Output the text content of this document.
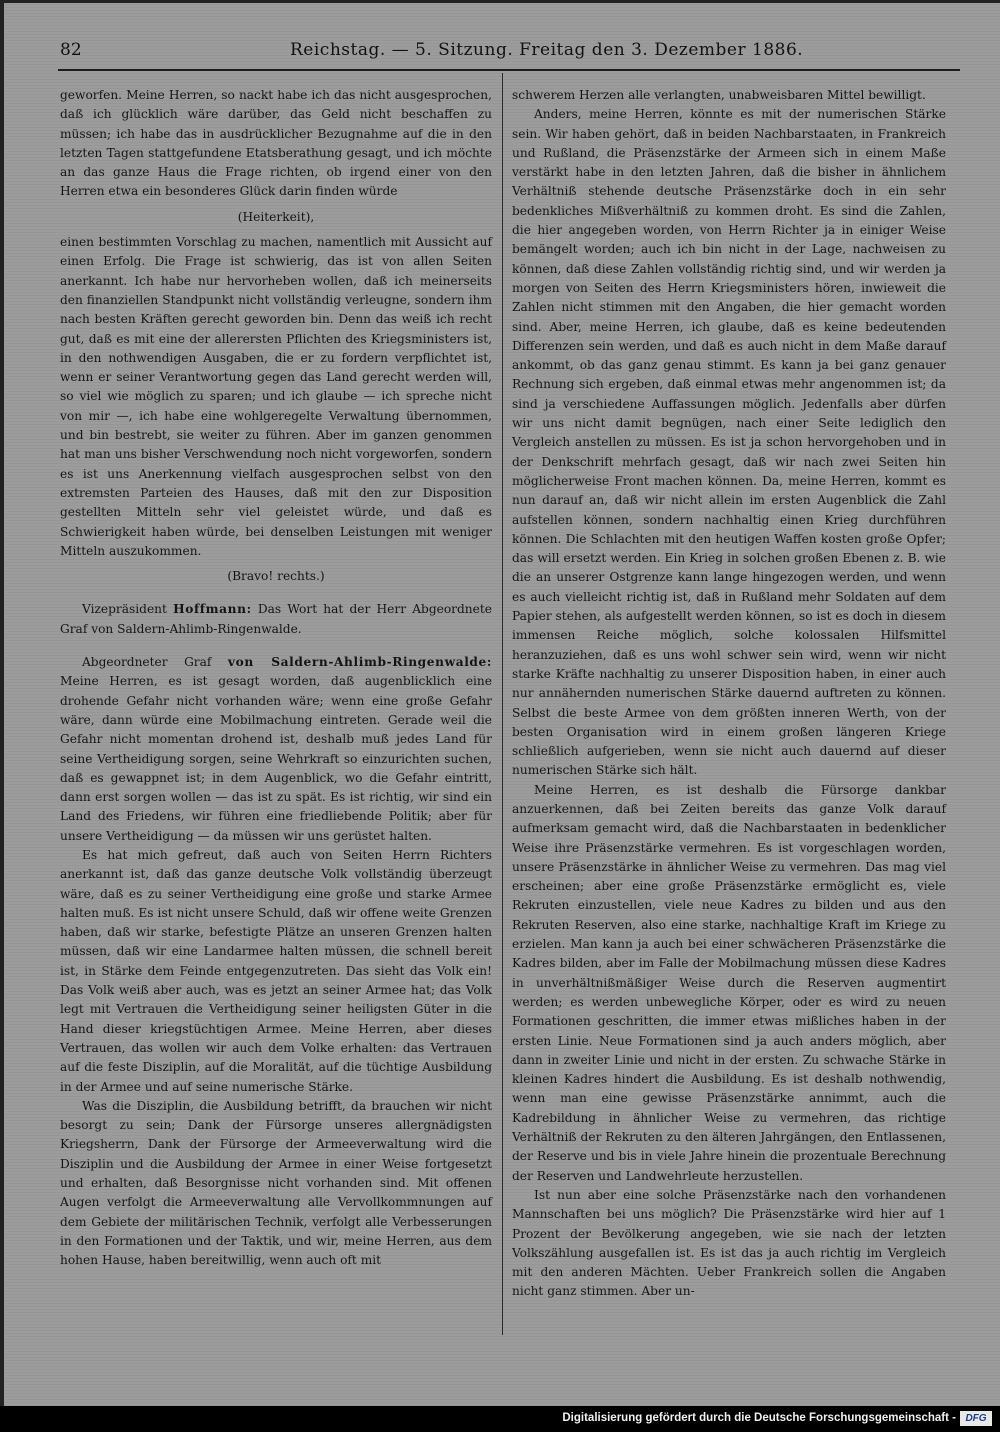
82	Reichstag. — 5. Sitzung. Freitag den 3. Dezember 1886.

geworfen. Meine Herren, so nackt habe ich das nicht ausgesprochen, daß ich glücklich wäre darüber, das Geld nicht beschaffen zu müssen; ich habe das in ausdrücklicher Bezugnahme auf die in den letzten Tagen stattgefundene Etatsberathung gesagt, und ich möchte an das ganze Haus die Frage richten, ob irgend einer von den Herren etwa ein besonderes Glück darin finden würde

(Heiterkeit),

einen bestimmten Vorschlag zu machen, namentlich mit Aussicht auf einen Erfolg. Die Frage ist schwierig, das ist von allen Seiten anerkannt. Ich habe nur hervorheben wollen, daß ich meinerseits den finanziellen Standpunkt nicht vollständig verleugne, sondern ihm nach besten Kräften gerecht geworden bin. Denn das weiß ich recht gut, daß es mit eine der allerersten Pflichten des Kriegsministers ist, in den nothwendigen Ausgaben, die er zu fordern verpflichtet ist, wenn er seiner Verantwortung gegen das Land gerecht werden will, so viel wie möglich zu sparen; und ich glaube — ich spreche nicht von mir —, ich habe eine wohlgeregelte Verwaltung übernommen, und bin bestrebt, sie weiter zu führen. Aber im ganzen genommen hat man uns bisher Verschwendung noch nicht vorgeworfen, sondern es ist uns Anerkennung vielfach ausgesprochen selbst von den extremsten Parteien des Hauses, daß mit den zur Disposition gestellten Mitteln sehr viel geleistet würde, und daß es Schwierigkeit haben würde, bei denselben Leistungen mit weniger Mitteln auszukommen.

(Bravo! rechts.)

Vizepräsident Hoffmann: Das Wort hat der Herr Abgeordnete Graf von Saldern-Ahlimb-Ringenwalde.

Abgeordneter Graf von Saldern-Ahlimb-Ringenwalde: Meine Herren, es ist gesagt worden, daß augenblicklich eine drohende Gefahr nicht vorhanden wäre; wenn eine große Gefahr wäre, dann würde eine Mobilmachung eintreten. Gerade weil die Gefahr nicht momentan drohend ist, deshalb muß jedes Land für seine Vertheidigung sorgen, seine Wehrkraft so einzurichten suchen, daß es gewappnet ist; in dem Augenblick, wo die Gefahr eintritt, dann erst sorgen wollen — das ist zu spät. Es ist richtig, wir sind ein Land des Friedens, wir führen eine friedliebende Politik; aber für unsere Vertheidigung — da müssen wir uns gerüstet halten.

Es hat mich gefreut, daß auch von Seiten Herrn Richters anerkannt ist, daß das ganze deutsche Volk vollständig überzeugt wäre, daß es zu seiner Vertheidigung eine große und starke Armee halten muß. Es ist nicht unsere Schuld, daß wir offene weite Grenzen haben, daß wir starke, befestigte Plätze an unseren Grenzen halten müssen, daß wir eine Landarmee halten müssen, die schnell bereit ist, in Stärke dem Feinde entgegenzutreten. Das sieht das Volk ein! Das Volk weiß aber auch, was es jetzt an seiner Armee hat; das Volk legt mit Vertrauen die Vertheidigung seiner heiligsten Güter in die Hand dieser kriegstüchtigen Armee. Meine Herren, aber dieses Vertrauen, das wollen wir auch dem Volke erhalten: das Vertrauen auf die feste Disziplin, auf die Moralität, auf die tüchtige Ausbildung in der Armee und auf seine numerische Stärke.

Was die Disziplin, die Ausbildung betrifft, da brauchen wir nicht besorgt zu sein; Dank der Fürsorge unseres allergnädigsten Kriegsherrn, Dank der Fürsorge der Armeeverwaltung wird die Disziplin und die Ausbildung der Armee in einer Weise fortgesetzt und erhalten, daß Besorgnisse nicht vorhanden sind. Mit offenen Augen verfolgt die Armeeverwaltung alle Vervollkommnungen auf dem Gebiete der militärischen Technik, verfolgt alle Verbesserungen in den Formationen und der Taktik, und wir, meine Herren, aus dem hohen Hause, haben bereitwillig, wenn auch oft mit

schwerem Herzen alle verlangten, unabweisbaren Mittel bewilligt.

Anders, meine Herren, könnte es mit der numerischen Stärke sein. Wir haben gehört, daß in beiden Nachbarstaaten, in Frankreich und Rußland, die Präsenzstärke der Armeen sich in einem Maße verstärkt habe in den letzten Jahren, daß die bisher in ähnlichem Verhältniß stehende deutsche Präsenzstärke doch in ein sehr bedenkliches Mißverhältniß zu kommen droht. Es sind die Zahlen, die hier angegeben worden, von Herrn Richter ja in einiger Weise bemängelt worden; auch ich bin nicht in der Lage, nachweisen zu können, daß diese Zahlen vollständig richtig sind, und wir werden ja morgen von Seiten des Herrn Kriegsministers hören, inwieweit die Zahlen nicht stimmen mit den Angaben, die hier gemacht worden sind. Aber, meine Herren, ich glaube, daß es keine bedeutenden Differenzen sein werden, und daß es auch nicht in dem Maße darauf ankommt, ob das ganz genau stimmt. Es kann ja bei ganz genauer Rechnung sich ergeben, daß einmal etwas mehr angenommen ist; da sind ja verschiedene Auffassungen möglich. Jedenfalls aber dürfen wir uns nicht damit begnügen, nach einer Seite lediglich den Vergleich anstellen zu müssen. Es ist ja schon hervorgehoben und in der Denkschrift mehrfach gesagt, daß wir nach zwei Seiten hin möglicherweise Front machen können. Da, meine Herren, kommt es nun darauf an, daß wir nicht allein im ersten Augenblick die Zahl aufstellen können, sondern nachhaltig einen Krieg durchführen können. Die Schlachten mit den heutigen Waffen kosten große Opfer; das will ersetzt werden. Ein Krieg in solchen großen Ebenen z. B. wie die an unserer Ostgrenze kann lange hingezogen werden, und wenn es auch vielleicht richtig ist, daß in Rußland mehr Soldaten auf dem Papier stehen, als aufgestellt werden können, so ist es doch in diesem immensen Reiche möglich, solche kolossalen Hilfsmittel heranzuziehen, daß es uns wohl schwer sein wird, wenn wir nicht starke Kräfte nachhaltig zu unserer Disposition haben, in einer auch nur annähernden numerischen Stärke dauernd auftreten zu können. Selbst die beste Armee von dem größten inneren Werth, von der besten Organisation wird in einem großen längeren Kriege schließlich aufgerieben, wenn sie nicht auch dauernd auf dieser numerischen Stärke sich hält.

Meine Herren, es ist deshalb die Fürsorge dankbar anzuerkennen, daß bei Zeiten bereits das ganze Volk darauf aufmerksam gemacht wird, daß die Nachbarstaaten in bedenklicher Weise ihre Präsenzstärke vermehren. Es ist vorgeschlagen worden, unsere Präsenzstärke in ähnlicher Weise zu vermehren. Das mag viel erscheinen; aber eine große Präsenzstärke ermöglicht es, viele Rekruten einzustellen, viele neue Kadres zu bilden und aus den Rekruten Reserven, also eine starke, nachhaltige Kraft im Kriege zu erzielen. Man kann ja auch bei einer schwächeren Präsenzstärke die Kadres bilden, aber im Falle der Mobilmachung müssen diese Kadres in unverhältnißmäßiger Weise durch die Reserven augmentirt werden; es werden unbewegliche Körper, oder es wird zu neuen Formationen geschritten, die immer etwas mißliches haben in der ersten Linie. Neue Formationen sind ja auch anders möglich, aber dann in zweiter Linie und nicht in der ersten. Zu schwache Stärke in kleinen Kadres hindert die Ausbildung. Es ist deshalb nothwendig, wenn man eine gewisse Präsenzstärke annimmt, auch die Kadrebildung in ähnlicher Weise zu vermehren, das richtige Verhältniß der Rekruten zu den älteren Jahrgängen, den Entlassenen, der Reserve und bis in viele Jahre hinein die prozentuale Berechnung der Reserven und Landwehrleute herzustellen.

Ist nun aber eine solche Präsenzstärke nach den vorhandenen Mannschaften bei uns möglich? Die Präsenzstärke wird hier auf 1 Prozent der Bevölkerung angegeben, wie sie nach der letzten Volkszählung ausgefallen ist. Es ist das ja auch richtig im Vergleich mit den anderen Mächten. Ueber Frankreich sollen die Angaben nicht ganz stimmen. Aber un-

Digitalisierung gefördert durch die Deutsche Forschungsgemeinschaft - DFG
